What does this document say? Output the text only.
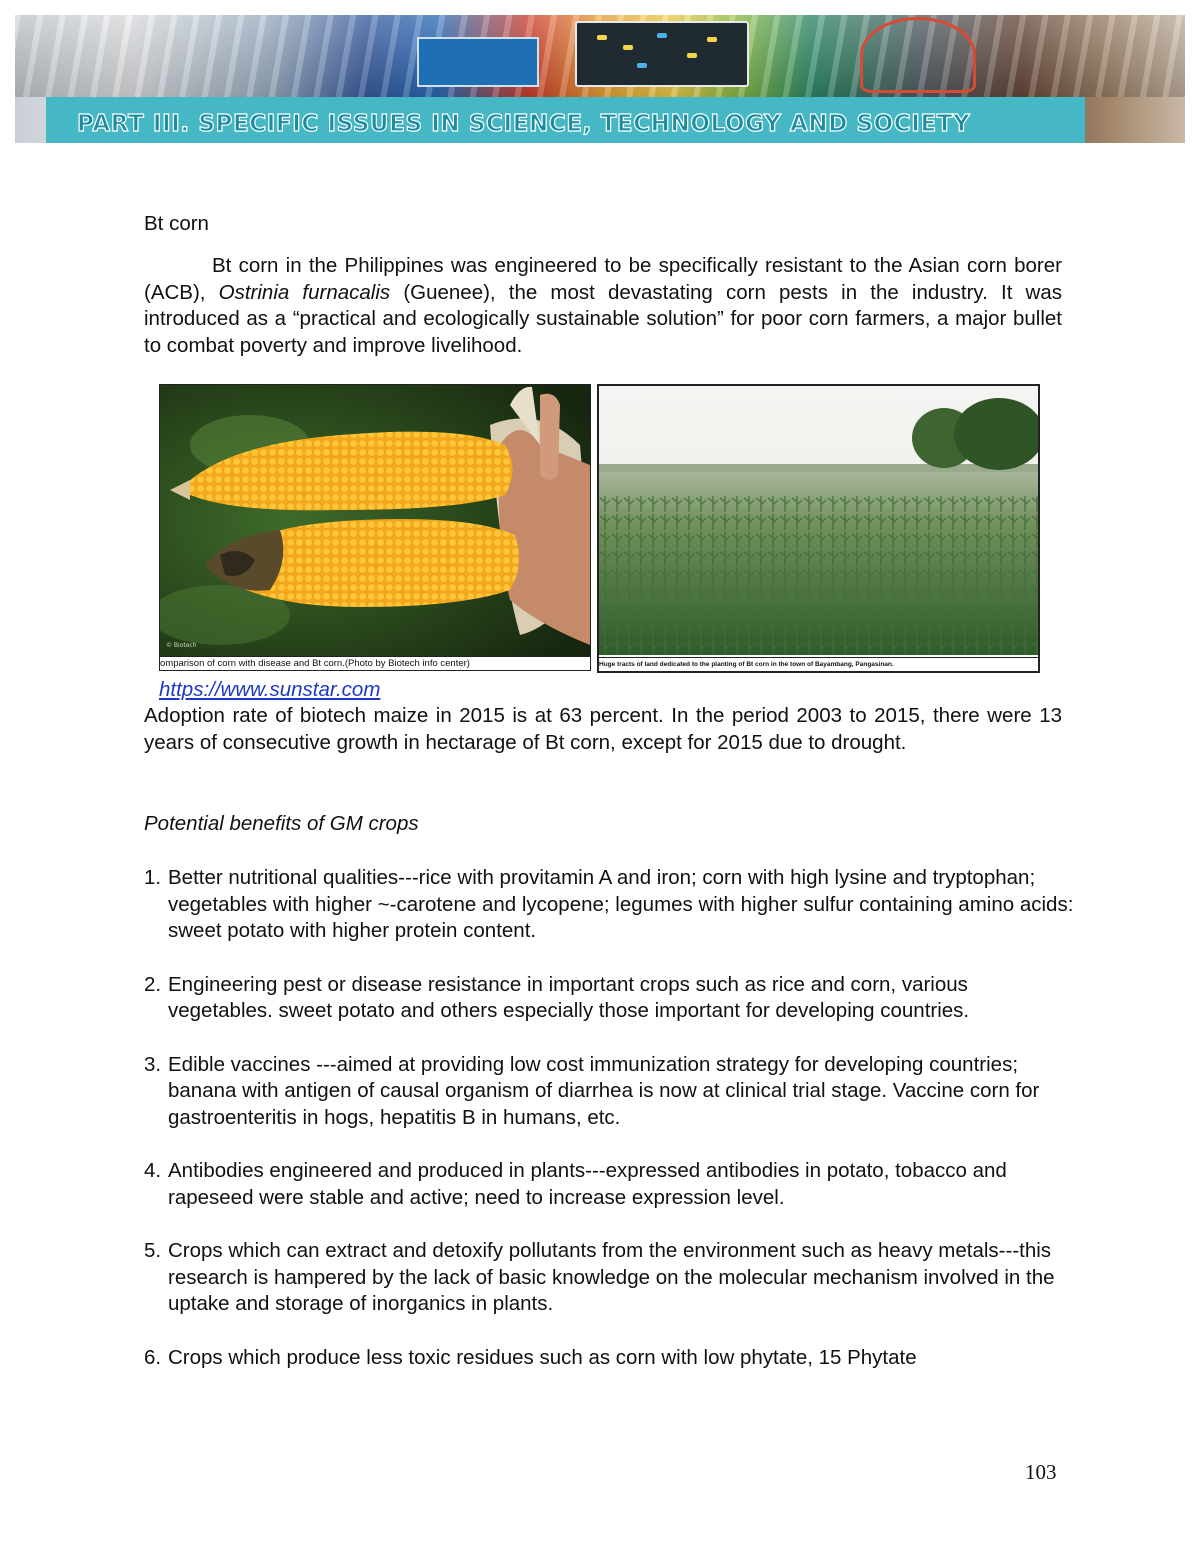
PART III. SPECIFIC ISSUES IN SCIENCE, TECHNOLOGY AND SOCIETY
Bt corn
Bt corn in the Philippines was engineered to be specifically resistant to the Asian corn borer (ACB), Ostrinia furnacalis (Guenee), the most devastating corn pests in the industry. It was introduced as a “practical and ecologically sustainable solution” for poor corn farmers, a major bullet to combat poverty and improve livelihood.
© Biotech
omparison of corn with disease and Bt corn.(Photo by Biotech info center)	Huge tracts of land dedicated to the planting of Bt corn in the town of Bayambang, Pangasinan.
https://www.sunstar.com
Adoption rate of biotech maize in 2015 is at 63 percent. In the period 2003 to 2015, there were 13 years of consecutive growth in hectarage of Bt corn, except for 2015 due to drought.
Potential benefits of GM crops
1. Better nutritional qualities---rice with provitamin A and iron; corn with high lysine and tryptophan; vegetables with higher ~-carotene and lycopene; legumes with higher sulfur containing amino acids: sweet potato with higher protein content.
2. Engineering pest or disease resistance in important crops such as rice and corn, various vegetables. sweet potato and others especially those important for developing countries.
3. Edible vaccines ---aimed at providing low cost immunization strategy for developing countries; banana with antigen of causal organism of diarrhea is now at clinical trial stage. Vaccine corn for gastroenteritis in hogs, hepatitis B in humans, etc.
4. Antibodies engineered and produced in plants---expressed antibodies in potato, tobacco and rapeseed were stable and active; need to increase expression level.
5. Crops which can extract and detoxify pollutants from the environment such as heavy metals---this research is hampered by the lack of basic knowledge on the molecular mechanism involved in the uptake and storage of inorganics in plants.
6. Crops which produce less toxic residues such as corn with low phytate, 15 Phytate
103
